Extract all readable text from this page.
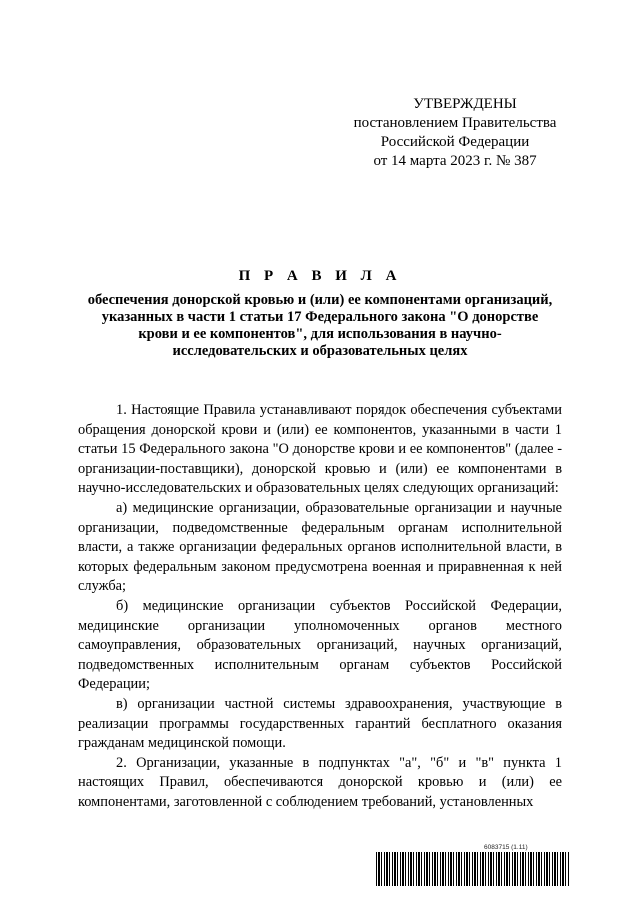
УТВЕРЖДЕНЫ
постановлением Правительства
Российской Федерации
от 14 марта 2023 г. № 387
П Р А В И Л А
обеспечения донорской кровью и (или) ее компонентами организаций,
указанных в части 1 статьи 17 Федерального закона "О донорстве
крови и ее компонентов", для использования в научно-
исследовательских и образовательных целях

1. Настоящие Правила устанавливают порядок обеспечения субъектами обращения донорской крови и (или) ее компонентов, указанными в части 1 статьи 15 Федерального закона "О донорстве крови и ее компонентов" (далее - организации-поставщики), донорской кровью и (или) ее компонентами в научно-исследовательских и образовательных целях следующих организаций:

а) медицинские организации, образовательные организации и научные организации, подведомственные федеральным органам исполнительной власти, а также организации федеральных органов исполнительной власти, в которых федеральным законом предусмотрена военная и приравненная к ней служба;

б) медицинские организации субъектов Российской Федерации, медицинские организации уполномоченных органов местного самоуправления, образовательных организаций, научных организаций, подведомственных исполнительным органам субъектов Российской Федерации;

в) организации частной системы здравоохранения, участвующие в реализации программы государственных гарантий бесплатного оказания гражданам медицинской помощи.

2. Организации, указанные в подпунктах "а", "б" и "в" пункта 1 настоящих Правил, обеспечиваются донорской кровью и (или) ее компонентами, заготовленной с соблюдением требований, установленных

6083715 (1.11)
